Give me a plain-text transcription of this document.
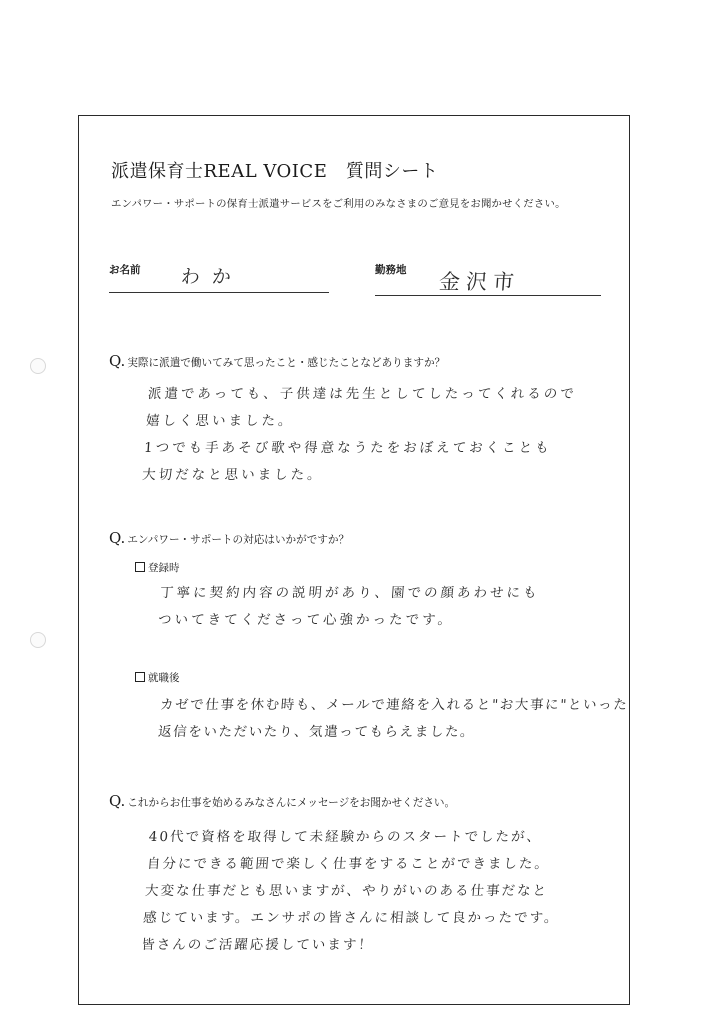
派遣保育士REAL VOICE　質問シート
エンパワー・サポートの保育士派遣サービスをご利用のみなさまのご意見をお聞かせください。
お名前 わか	勤務地 金沢市
Q. 実際に派遣で働いてみて思ったこと・感じたことなどありますか？
派遣であっても、子供達は先生としてしたってくれるので
嬉しく思いました。
1つでも手あそび歌や得意なうたをおぼえておくことも
大切だなと思いました。
Q. エンパワー・サポートの対応はいかがですか？
登録時
丁寧に契約内容の説明があり、園での顔あわせにも
ついてきてくださって心強かったです。
就職後
カゼで仕事を休む時も、メールで連絡を入れると"お大事に"といった
返信をいただいたり、気遣ってもらえました。
Q. これからお仕事を始めるみなさんにメッセージをお聞かせください。
40代で資格を取得して未経験からのスタートでしたが、
自分にできる範囲で楽しく仕事をすることができました。
大変な仕事だとも思いますが、やりがいのある仕事だなと
感じています。エンサポの皆さんに相談して良かったです。
皆さんのご活躍応援しています！
